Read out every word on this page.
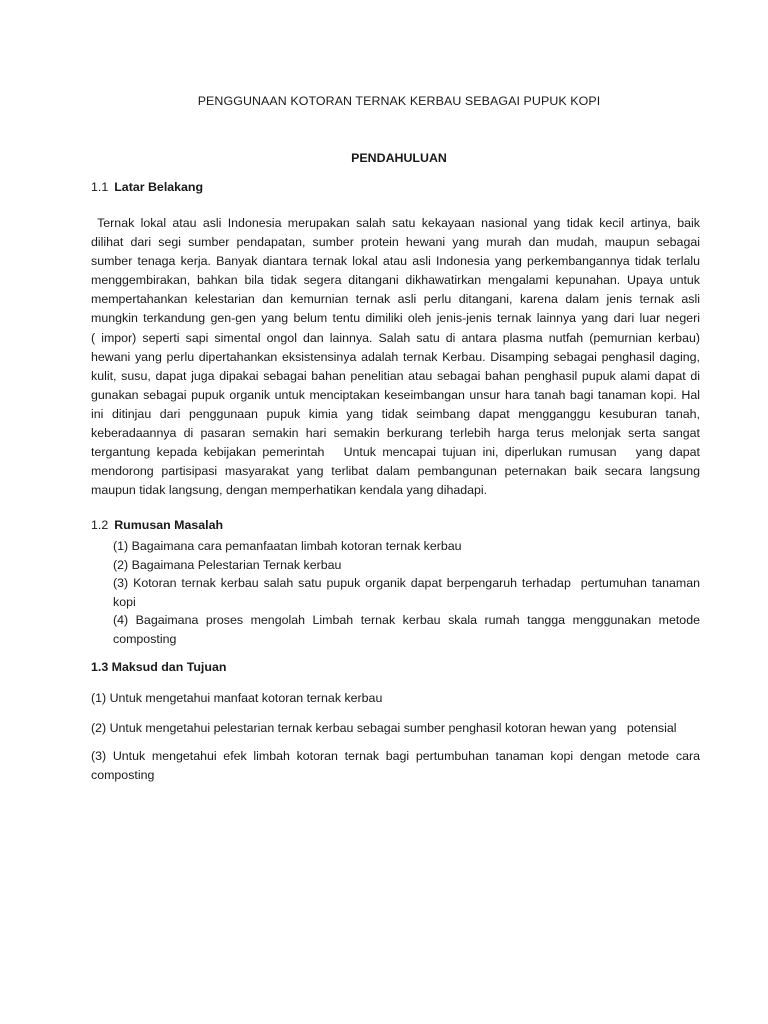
PENGGUNAAN KOTORAN TERNAK KERBAU SEBAGAI PUPUK KOPI
PENDAHULUAN
1.1 Latar Belakang
Ternak lokal atau asli Indonesia merupakan salah satu kekayaan nasional yang tidak kecil artinya, baik
dilihat dari segi sumber pendapatan, sumber protein hewani yang murah dan mudah, maupun sebagai
sumber tenaga kerja. Banyak diantara ternak lokal atau asli Indonesia yang perkembangannya tidak terlalu
menggembirakan, bahkan bila tidak segera ditangani dikhawatirkan mengalami kepunahan. Upaya untuk
mempertahankan kelestarian dan kemurnian ternak asli perlu ditangani, karena dalam jenis ternak asli
mungkin terkandung gen-gen yang belum tentu dimiliki oleh jenis-jenis ternak lainnya yang dari luar negeri
( impor) seperti sapi simental ongol dan lainnya. Salah satu di antara plasma nutfah (pemurnian kerbau)
hewani yang perlu dipertahankan eksistensinya adalah ternak Kerbau. Disamping sebagai penghasil daging,
kulit, susu, dapat juga dipakai sebagai bahan penelitian atau sebagai bahan penghasil pupuk alami dapat di
gunakan sebagai pupuk organik untuk menciptakan keseimbangan unsur hara tanah bagi tanaman kopi. Hal
ini ditinjau dari penggunaan pupuk kimia yang tidak seimbang dapat mengganggu kesuburan tanah,
keberadaannya di pasaran semakin hari semakin berkurang terlebih harga terus melonjak serta sangat
tergantung kepada kebijakan pemerintah   Untuk mencapai tujuan ini, diperlukan rumusan   yang dapat
mendorong partisipasi masyarakat yang terlibat dalam pembangunan peternakan baik secara langsung
maupun tidak langsung, dengan memperhatikan kendala yang dihadapi.
1.2 Rumusan Masalah
(1) Bagaimana cara pemanfaatan limbah kotoran ternak kerbau
(2) Bagaimana Pelestarian Ternak kerbau
(3) Kotoran ternak kerbau salah satu pupuk organik dapat berpengaruh terhadap  pertumuhan tanaman
kopi
(4) Bagaimana proses mengolah Limbah ternak kerbau skala rumah tangga menggunakan metode
composting
1.3 Maksud dan Tujuan
(1) Untuk mengetahui manfaat kotoran ternak kerbau
(2) Untuk mengetahui pelestarian ternak kerbau sebagai sumber penghasil kotoran hewan yang   potensial
(3) Untuk mengetahui efek limbah kotoran ternak bagi pertumbuhan tanaman kopi dengan metode cara
composting
